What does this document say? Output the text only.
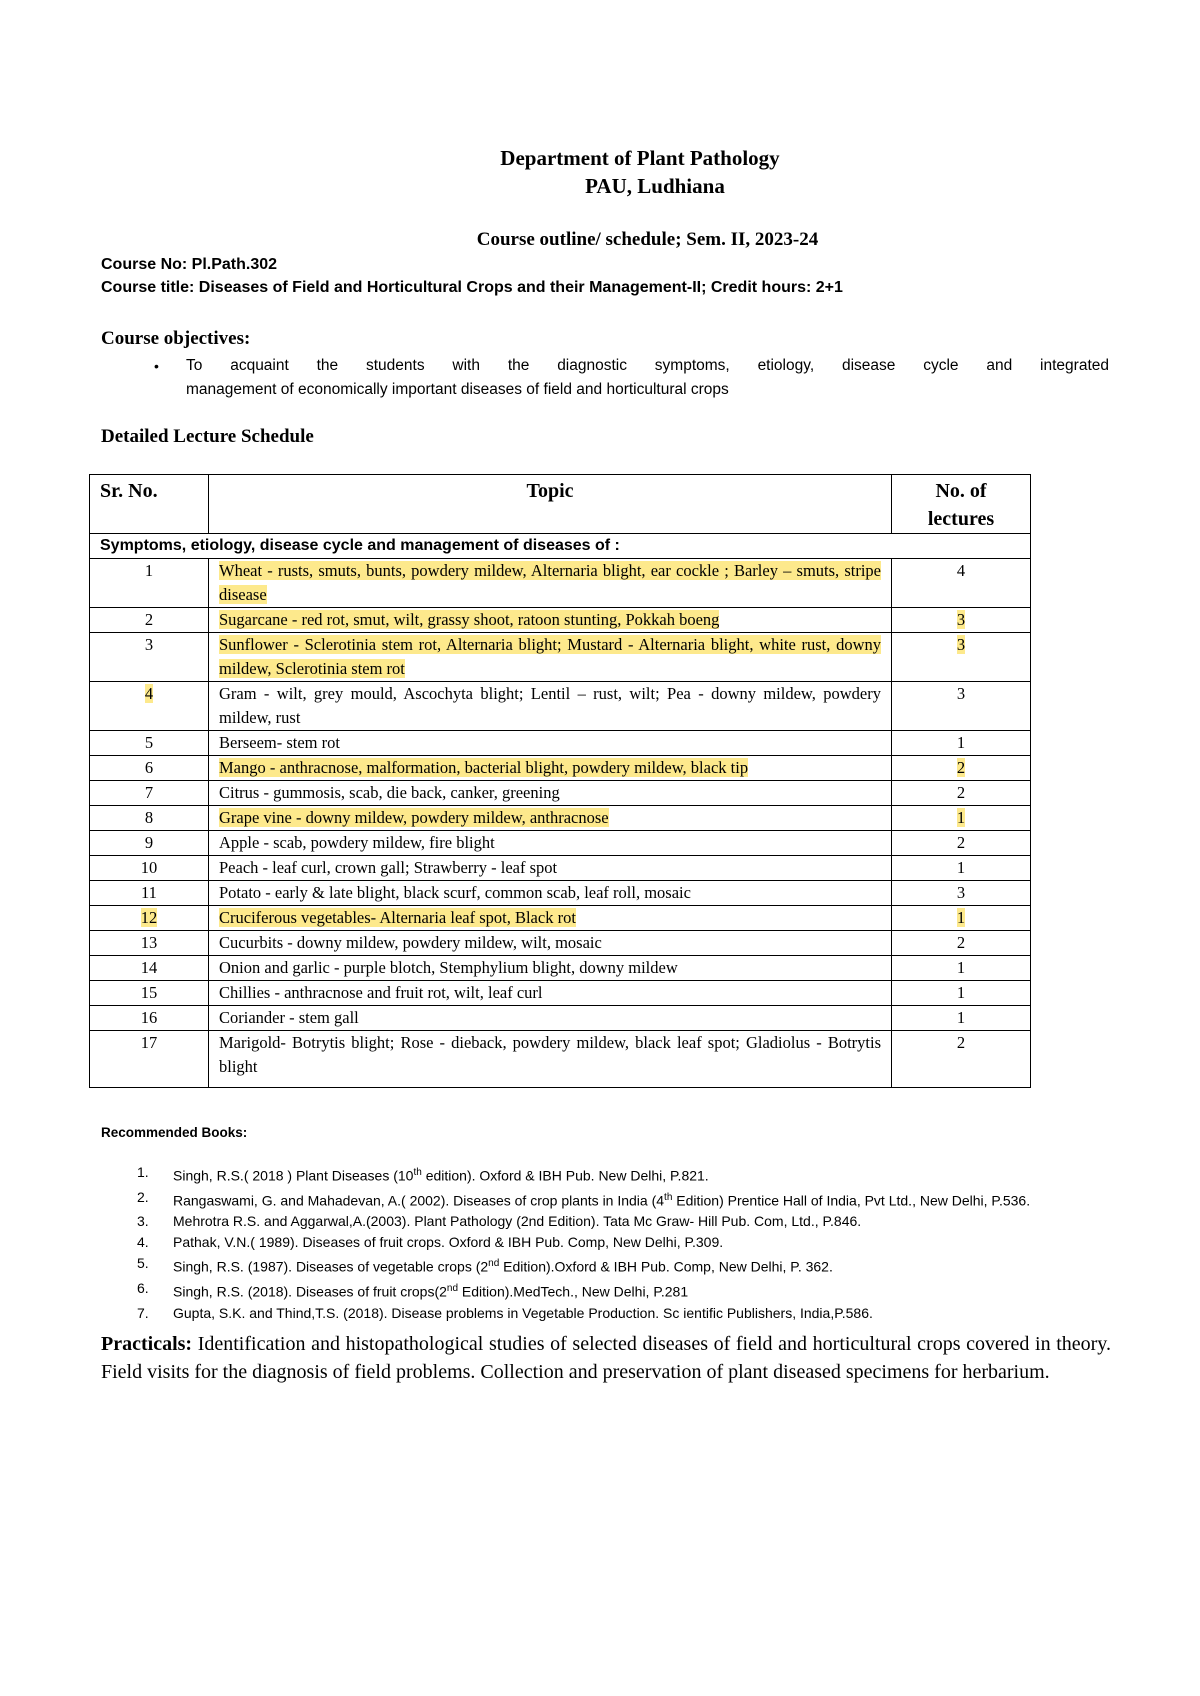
Department of Plant Pathology
PAU, Ludhiana
Course outline/ schedule; Sem. II, 2023-24
Course No: Pl.Path.302
Course title: Diseases of Field and Horticultural Crops and their Management-II; Credit hours: 2+1
Course objectives:
• To acquaint the students with the diagnostic symptoms, etiology, disease cycle and integrated
management of economically important diseases of field and horticultural crops
Detailed Lecture Schedule
Sr. No.	Topic	No. of
lectures
Symptoms, etiology, disease cycle and management of diseases of :		
1	Wheat - rusts, smuts, bunts, powdery mildew, Alternaria blight, ear cockle ; Barley – smuts, stripe disease	4
2	Sugarcane - red rot, smut, wilt, grassy shoot, ratoon stunting, Pokkah boeng	3
3	Sunflower - Sclerotinia stem rot, Alternaria blight; Mustard - Alternaria blight, white rust, downy mildew, Sclerotinia stem rot	3
4	Gram - wilt, grey mould, Ascochyta blight; Lentil – rust, wilt; Pea - downy mildew, powdery mildew, rust	3
5	Berseem- stem rot	1
6	Mango - anthracnose, malformation, bacterial blight, powdery mildew, black tip	2
7	Citrus - gummosis, scab, die back, canker, greening	2
8	Grape vine - downy mildew, powdery mildew, anthracnose	1
9	Apple - scab, powdery mildew, fire blight	2
10	Peach - leaf curl, crown gall; Strawberry - leaf spot	1
11	Potato - early & late blight, black scurf, common scab, leaf roll, mosaic	3
12	Cruciferous vegetables- Alternaria leaf spot, Black rot	1
13	Cucurbits - downy mildew, powdery mildew, wilt, mosaic	2
14	Onion and garlic - purple blotch, Stemphylium blight, downy mildew	1
15	Chillies - anthracnose and fruit rot, wilt, leaf curl	1
16	Coriander - stem gall	1
17	Marigold- Botrytis blight; Rose - dieback, powdery mildew, black leaf spot; Gladiolus - Botrytis blight	2
Recommended Books:
1. Singh, R.S.( 2018 ) Plant Diseases (10th edition). Oxford & IBH Pub. New Delhi, P.821.
2. Rangaswami, G. and Mahadevan, A.( 2002). Diseases of crop plants in India (4th Edition) Prentice Hall of India, Pvt Ltd., New Delhi, P.536.
3. Mehrotra R.S. and Aggarwal,A.(2003). Plant Pathology (2nd Edition). Tata Mc Graw- Hill Pub. Com, Ltd., P.846.
4. Pathak, V.N.( 1989). Diseases of fruit crops. Oxford & IBH Pub. Comp, New Delhi, P.309.
5. Singh, R.S. (1987). Diseases of vegetable crops (2nd Edition).Oxford & IBH Pub. Comp, New Delhi, P. 362.
6. Singh, R.S. (2018). Diseases of fruit crops(2nd Edition).MedTech., New Delhi, P.281
7. Gupta, S.K. and Thind,T.S. (2018). Disease problems in Vegetable Production. Sc ientific Publishers, India,P.586.
Practicals: Identification and histopathological studies of selected diseases of field and horticultural crops covered in theory. Field visits for the diagnosis of field problems. Collection and preservation of plant diseased specimens for herbarium.
